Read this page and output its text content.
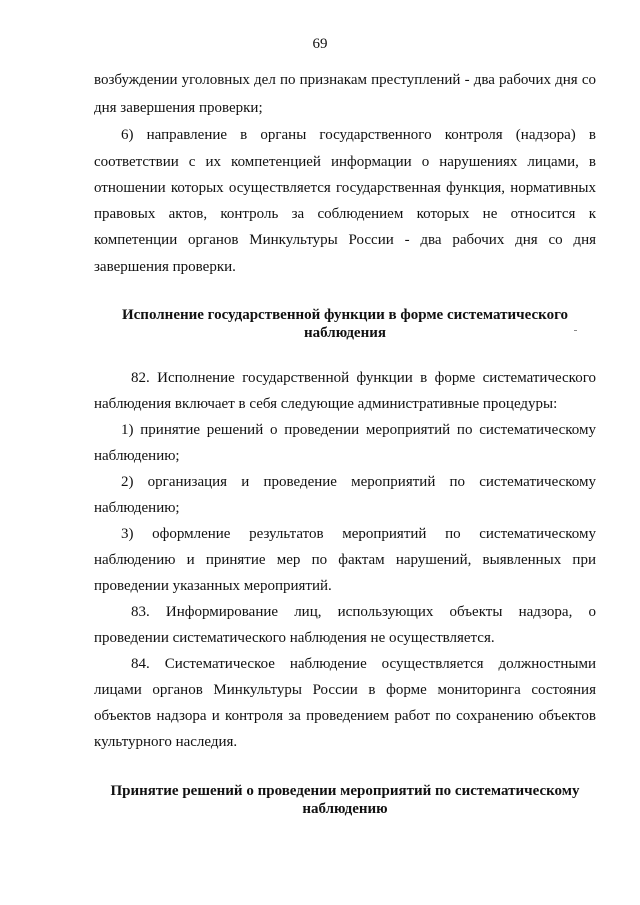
69
возбуждении уголовных дел по признакам преступлений - два рабочих дня со
дня завершения проверки;
6) направление в органы государственного контроля (надзора) в
соответствии с их компетенцией информации о нарушениях лицами, в
отношении которых осуществляется государственная функция, нормативных
правовых актов, контроль за соблюдением которых не относится к
компетенции органов Минкультуры России - два рабочих дня со дня
завершения проверки.
Исполнение государственной функции в форме систематического
наблюдения
82. Исполнение государственной функции в форме систематического
наблюдения включает в себя следующие административные процедуры:
1) принятие решений о проведении мероприятий по систематическому
наблюдению;
2) организация и проведение мероприятий по систематическому
наблюдению;
3) оформление результатов мероприятий по систематическому
наблюдению и принятие мер по фактам нарушений, выявленных при
проведении указанных мероприятий.
83. Информирование лиц, использующих объекты надзора, о
проведении систематического наблюдения не осуществляется.
84. Систематическое наблюдение осуществляется должностными
лицами органов Минкультуры России в форме мониторинга состояния
объектов надзора и контроля за проведением работ по сохранению объектов
культурного наследия.
Принятие решений о проведении мероприятий по систематическому
наблюдению
